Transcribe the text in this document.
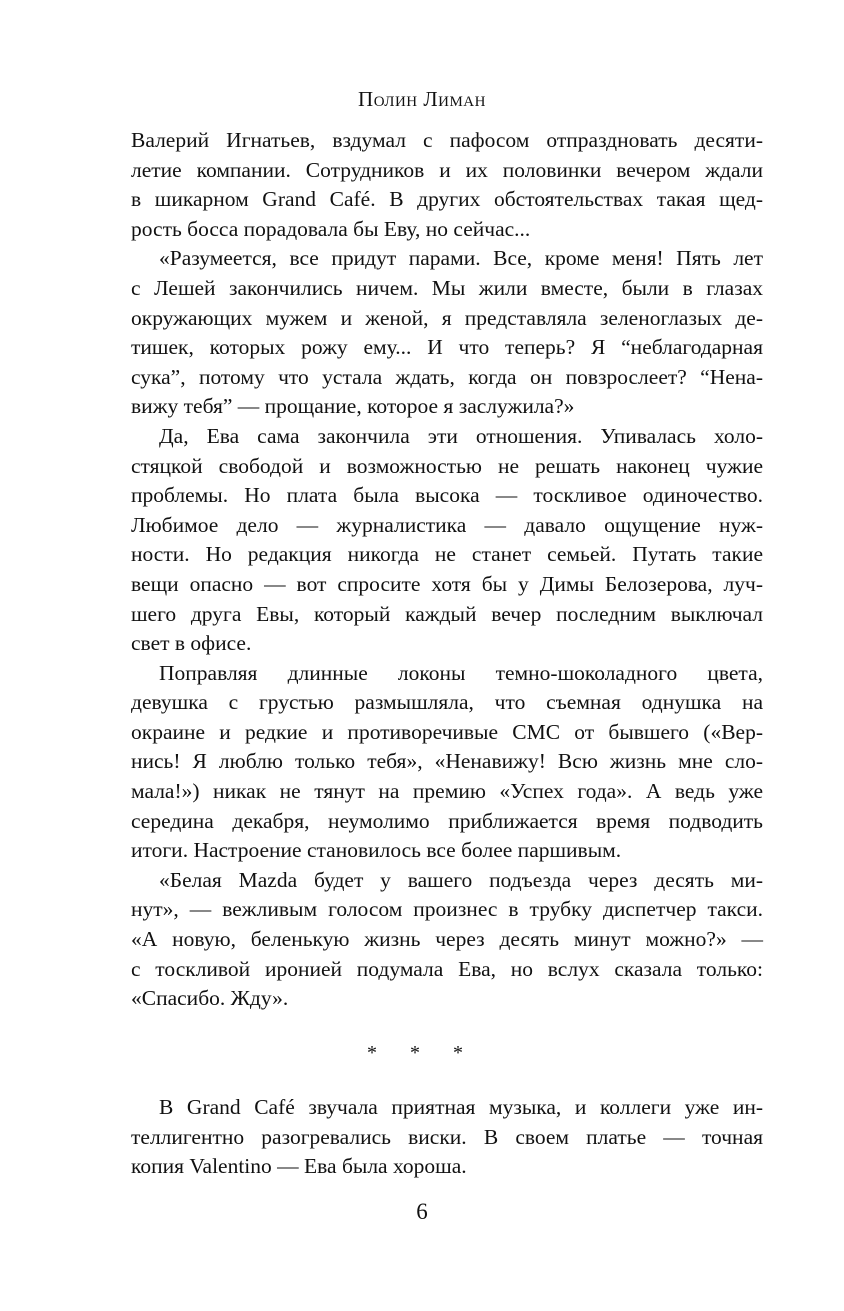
Полин Лиман
Валерий Игнатьев, вздумал с пафосом отпраздновать десяти-
летие компании. Сотрудников и их половинки вечером ждали
в шикарном Grand Café. В других обстоятельствах такая щед-
рость босса порадовала бы Еву, но сейчас...
«Разумеется, все придут парами. Все, кроме меня! Пять лет
с Лешей закончились ничем. Мы жили вместе, были в глазах
окружающих мужем и женой, я представляла зеленоглазых де-
тишек, которых рожу ему... И что теперь? Я “неблагодарная
сука”, потому что устала ждать, когда он повзрослеет? “Нена-
вижу тебя” — прощание, которое я заслужила?»
Да, Ева сама закончила эти отношения. Упивалась холо-
стяцкой свободой и возможностью не решать наконец чужие
проблемы. Но плата была высока — тоскливое одиночество.
Любимое дело — журналистика — давало ощущение нуж-
ности. Но редакция никогда не станет семьей. Путать такие
вещи опасно — вот спросите хотя бы у Димы Белозерова, луч-
шего друга Евы, который каждый вечер последним выключал
свет в офисе.
Поправляя длинные локоны темно-шоколадного цвета,
девушка с грустью размышляла, что съемная однушка на
окраине и редкие и противоречивые СМС от бывшего («Вер-
нись! Я люблю только тебя», «Ненавижу! Всю жизнь мне сло-
мала!») никак не тянут на премию «Успех года». А ведь уже
середина декабря, неумолимо приближается время подводить
итоги. Настроение становилось все более паршивым.
«Белая Mazda будет у вашего подъезда через десять ми-
нут», — вежливым голосом произнес в трубку диспетчер такси.
«А новую, беленькую жизнь через десять минут можно?» —
с тоскливой иронией подумала Ева, но вслух сказала только:
«Спасибо. Жду».
* * *
В Grand Café звучала приятная музыка, и коллеги уже ин-
теллигентно разогревались виски. В своем платье — точная
копия Valentino — Ева была хороша.
6
